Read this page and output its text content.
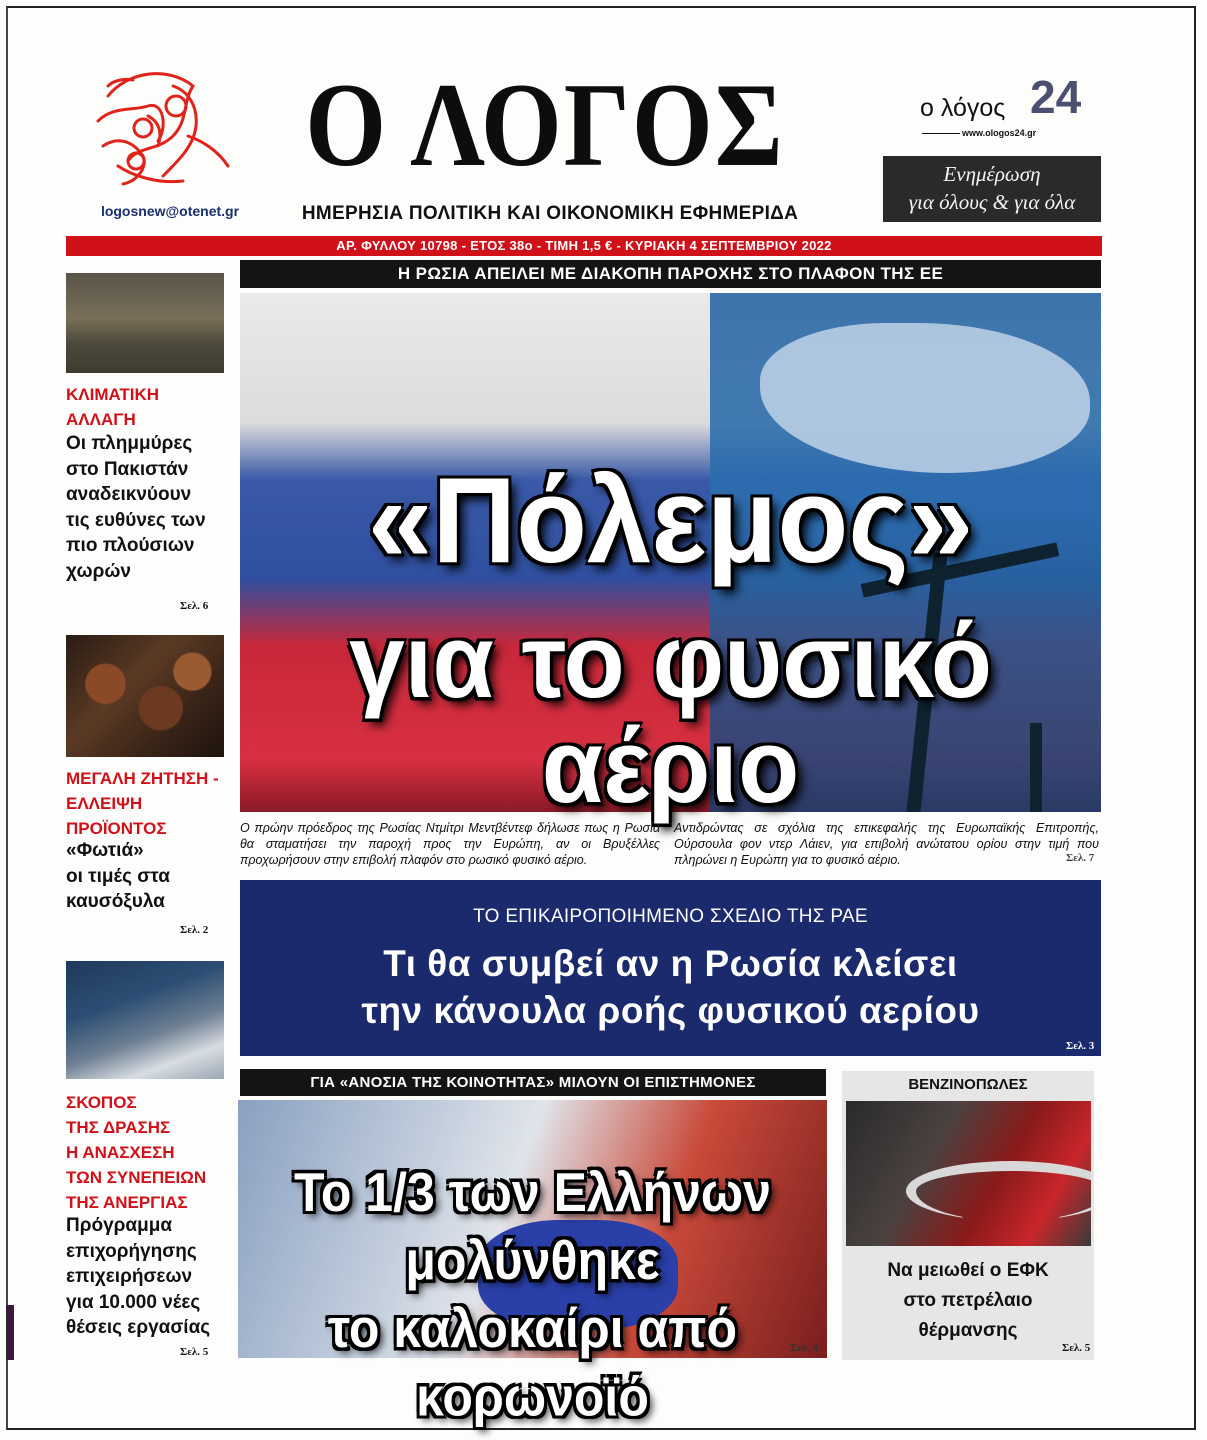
Ο ΛΟΓΟΣ
logosnew@otenet.gr	ΗΜΕΡΗΣΙΑ ΠΟΛΙΤΙΚΗ ΚΑΙ ΟΙΚΟΝΟΜΙΚΗ ΕΦΗΜΕΡΙΔΑ
ο λόγος 24
www.ologos24.gr
Ενημέρωση
για όλους & για όλα
ΑΡ. ΦΥΛΛΟΥ 10798 - ΕΤΟΣ 38ο - ΤΙΜΗ 1,5 € - ΚΥΡΙΑΚΗ 4 ΣΕΠΤΕΜΒΡΙΟΥ 2022
ΚΛΙΜΑΤΙΚΗ
ΑΛΛΑΓΗ
Οι πλημμύρες
στο Πακιστάν
αναδεικνύουν
τις ευθύνες των
πιο πλούσιων
χωρών
Σελ. 6
ΜΕΓΑΛΗ ΖΗΤΗΣΗ -
ΕΛΛΕΙΨΗ
ΠΡΟΪΟΝΤΟΣ
«Φωτιά»
οι τιμές στα
καυσόξυλα
Σελ. 2
ΣΚΟΠΟΣ
ΤΗΣ ΔΡΑΣΗΣ
Η ΑΝΑΣΧΕΣΗ
ΤΩΝ ΣΥΝΕΠΕΙΩΝ
ΤΗΣ ΑΝΕΡΓΙΑΣ
Πρόγραμμα
επιχορήγησης
επιχειρήσεων
για 10.000 νέες
θέσεις εργασίας
Σελ. 5
Η ΡΩΣΙΑ ΑΠΕΙΛΕΙ ΜΕ ΔΙΑΚΟΠΗ ΠΑΡΟΧΗΣ ΣΤΟ ΠΛΑΦΟΝ ΤΗΣ ΕΕ
«Πόλεμος»
για το φυσικό αέριο
Ο πρώην πρόεδρος της Ρωσίας Ντμίτρι Μεντβέντεφ δήλωσε πως η Ρωσία θα σταματήσει την παροχή προς την Ευρώπη, αν οι Βρυξέλλες προχωρήσουν στην επιβολή πλαφόν στο ρωσικό φυσικό αέριο.
Αντιδρώντας σε σχόλια της επικεφαλής της Ευρωπαϊκής Επιτροπής, Ούρσουλα φον ντερ Λάιεν, για επιβολή ανώτατου ορίου στην τιμή που πληρώνει η Ευρώπη για το φυσικό αέριο.	Σελ. 7
ΤΟ ΕΠΙΚΑΙΡΟΠΟΙΗΜΕΝΟ ΣΧΕΔΙΟ ΤΗΣ ΡΑΕ
Τι θα συμβεί αν η Ρωσία κλείσει
την κάνουλα ροής φυσικού αερίου
Σελ. 3
ΓΙΑ «ΑΝΟΣΙΑ ΤΗΣ ΚΟΙΝΟΤΗΤΑΣ» ΜΙΛΟΥΝ ΟΙ ΕΠΙΣΤΗΜΟΝΕΣ
Το 1/3 των Ελλήνων μολύνθηκε
το καλοκαίρι από κορωνοϊό
Σελ. 4
ΒΕΝΖΙΝΟΠΩΛΕΣ
Να μειωθεί ο ΕΦΚ
στο πετρέλαιο
θέρμανσης
Σελ. 5
